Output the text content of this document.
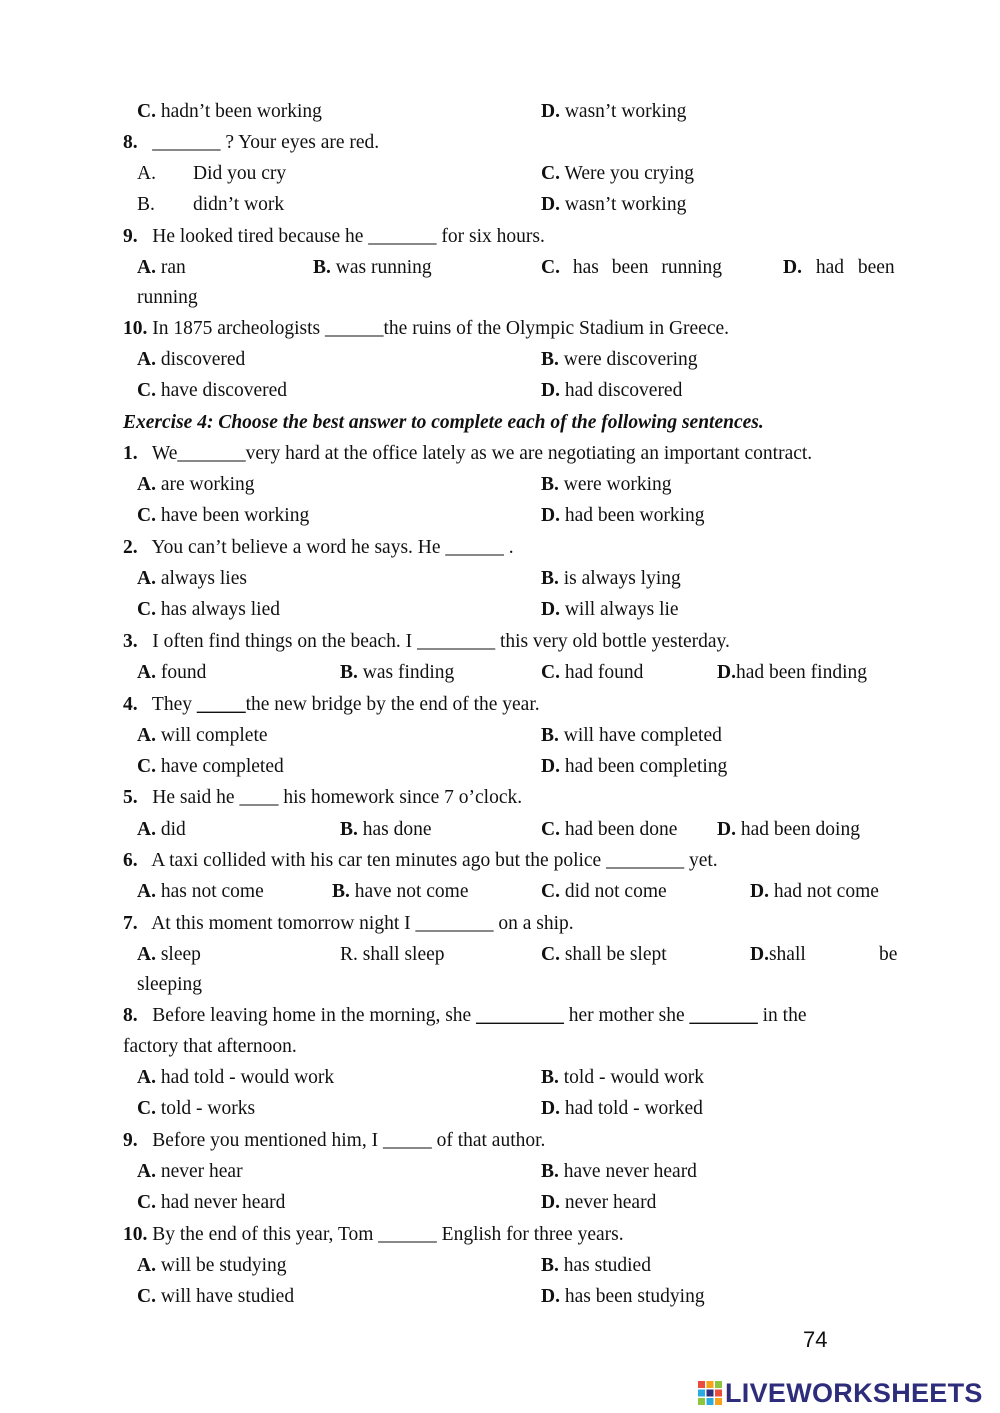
C. hadn’t been working	D. wasn’t working
8. _______ ? Your eyes are red.
A. Did you cry	C. Were you crying
B. didn’t work	D. wasn’t working
9. He looked tired because he _______ for six hours.
A. ran	B. was running	C. has been running	D. had been
running
10. In 1875 archeologists ______the ruins of the Olympic Stadium in Greece.
A. discovered	B. were discovering
C. have discovered	D. had discovered
Exercise 4: Choose the best answer to complete each of the following sentences.
1. We_______very hard at the office lately as we are negotiating an important contract.
A. are working	B. were working
C. have been working	D. had been working
2. You can’t believe a word he says. He ______ .
A. always lies	B. is always lying
C. has always lied	D. will always lie
3. I often find things on the beach. I ________ this very old bottle yesterday.
A. found	B. was finding	C. had found	D.had been finding
4. They _____the new bridge by the end of the year.
A. will complete	B. will have completed
C. have completed	D. had been completing
5. He said he ____ his homework since 7 o’clock.
A. did	B. has done	C. had been done D. had been doing
6. A taxi collided with his car ten minutes ago but the police ________ yet.
A. has not come	B. have not come	C. did not come	D. had not come
7. At this moment tomorrow night I ________ on a ship.
A. sleep	R. shall sleep	C. shall be slept	D.shall	be
sleeping
8. Before leaving home in the morning, she _________ her mother she _______ in the
factory that afternoon.
A. had told - would work	B. told - would work
C. told - works	D. had told - worked
9. Before you mentioned him, I _____ of that author.
A. never hear	B. have never heard
C. had never heard	D. never heard
10. By the end of this year, Tom ______ English for three years.
A. will be studying	B. has studied
C. will have studied	D. has been studying
74
LIVEWORKSHEETS
